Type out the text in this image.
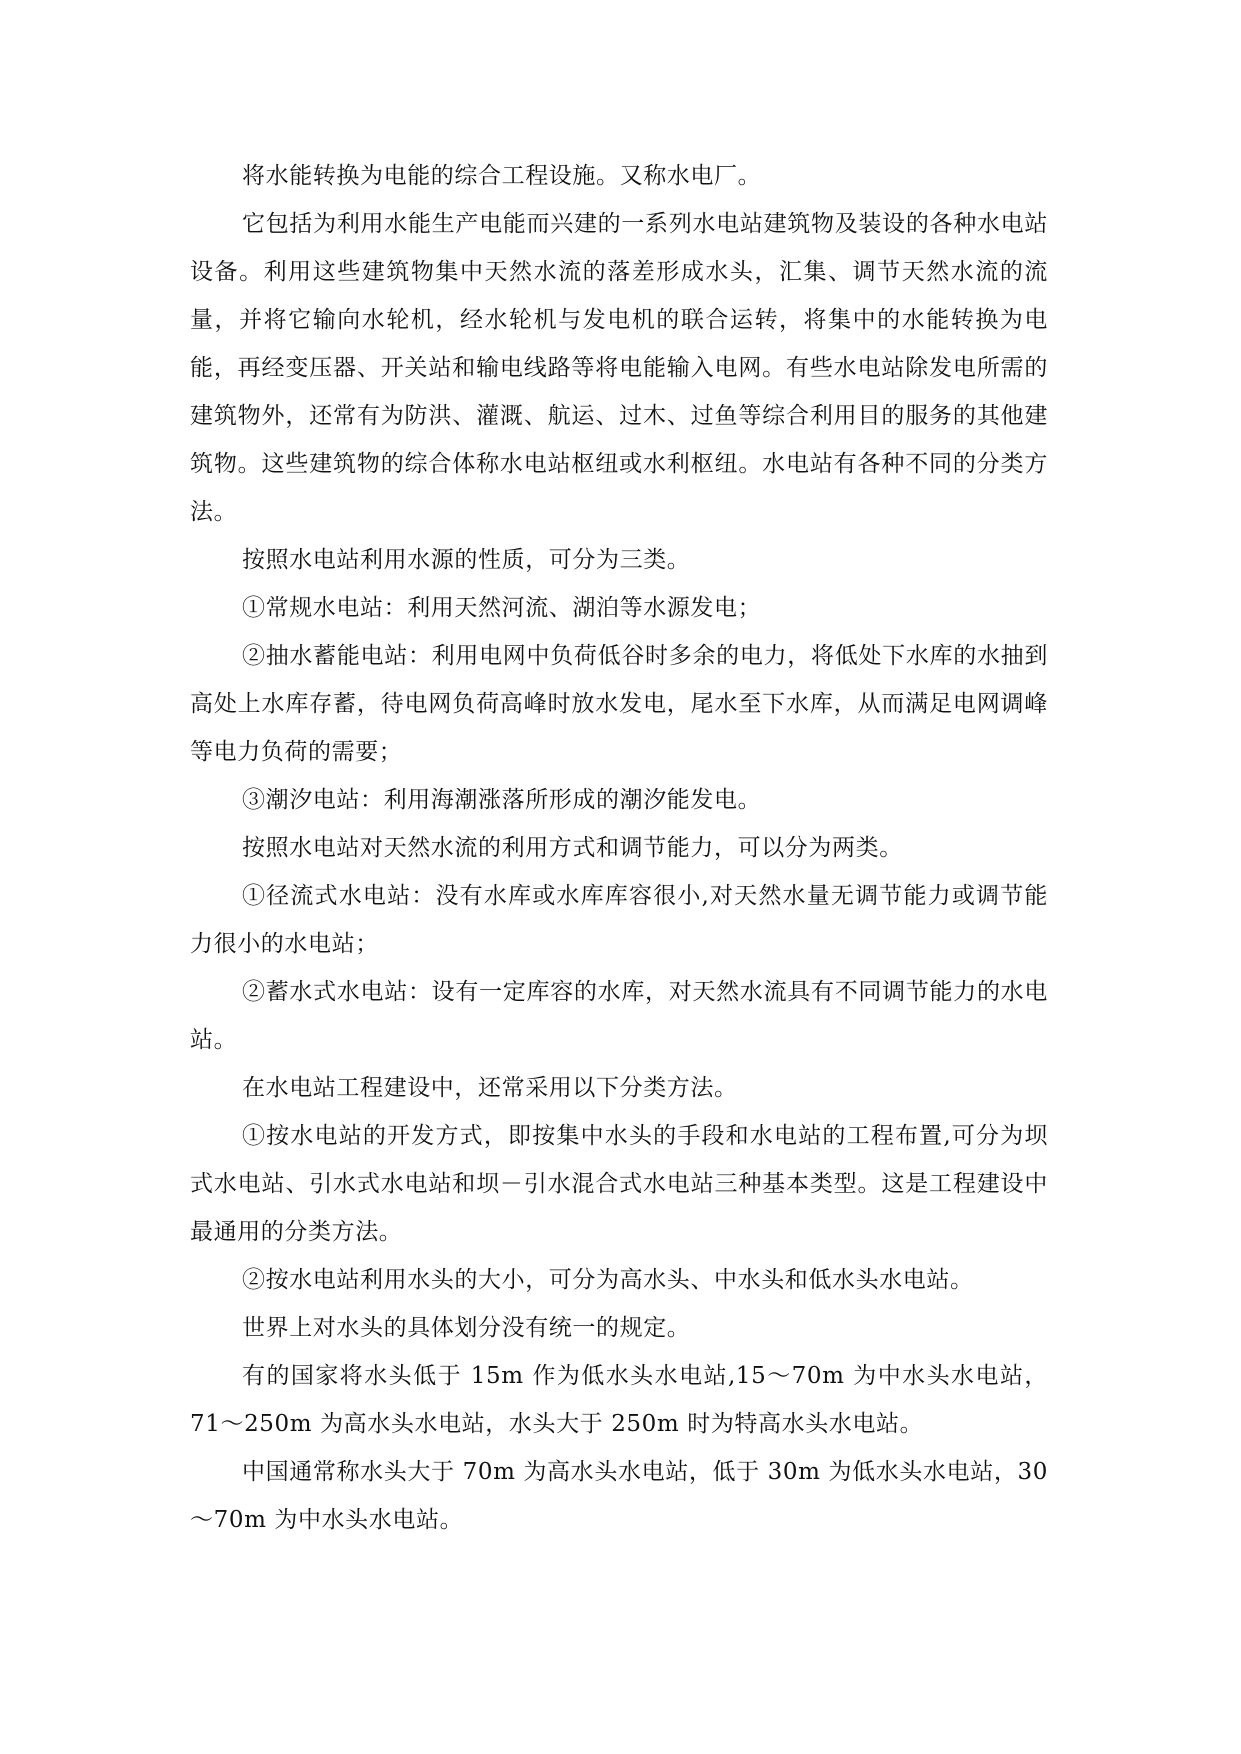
将水能转换为电能的综合工程设施。又称水电厂。

它包括为利用水能生产电能而兴建的一系列水电站建筑物及装设的各种水电站设备。利用这些建筑物集中天然水流的落差形成水头，汇集、调节天然水流的流量，并将它输向水轮机，经水轮机与发电机的联合运转，将集中的水能转换为电能，再经变压器、开关站和输电线路等将电能输入电网。有些水电站除发电所需的建筑物外，还常有为防洪、灌溉、航运、过木、过鱼等综合利用目的服务的其他建筑物。这些建筑物的综合体称水电站枢纽或水利枢纽。水电站有各种不同的分类方法。

按照水电站利用水源的性质，可分为三类。

①常规水电站：利用天然河流、湖泊等水源发电；

②抽水蓄能电站：利用电网中负荷低谷时多余的电力，将低处下水库的水抽到高处上水库存蓄，待电网负荷高峰时放水发电，尾水至下水库，从而满足电网调峰等电力负荷的需要；

③潮汐电站：利用海潮涨落所形成的潮汐能发电。

按照水电站对天然水流的利用方式和调节能力，可以分为两类。

①径流式水电站：没有水库或水库库容很小,对天然水量无调节能力或调节能力很小的水电站；

②蓄水式水电站：设有一定库容的水库，对天然水流具有不同调节能力的水电站。

在水电站工程建设中，还常采用以下分类方法。

①按水电站的开发方式，即按集中水头的手段和水电站的工程布置,可分为坝式水电站、引水式水电站和坝－引水混合式水电站三种基本类型。这是工程建设中最通用的分类方法。

②按水电站利用水头的大小，可分为高水头、中水头和低水头水电站。

世界上对水头的具体划分没有统一的规定。

有的国家将水头低于 15m 作为低水头水电站,15～70m 为中水头水电站，71～250m 为高水头水电站，水头大于 250m 时为特高水头水电站。

中国通常称水头大于 70m 为高水头水电站，低于 30m 为低水头水电站，30～70m 为中水头水电站。
